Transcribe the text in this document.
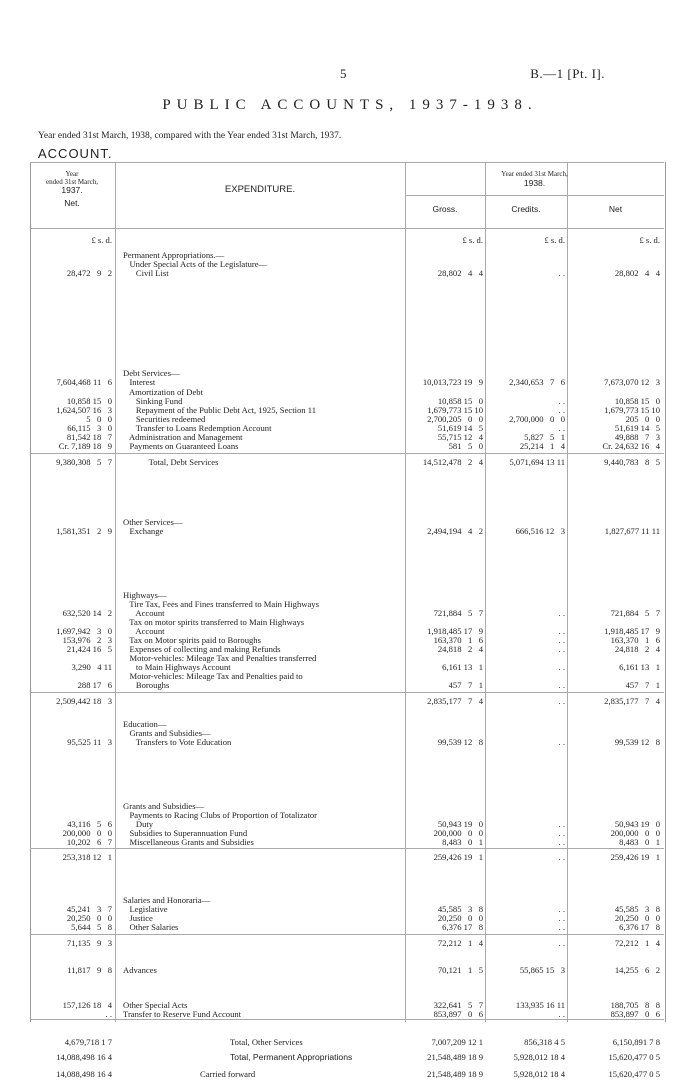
5	B.—1 [Pt. I].
PUBLIC ACCOUNTS, 1937-1938.
Year ended 31st March, 1938, compared with the Year ended 31st March, 1937.
ACCOUNT.
Year
ended 31st March,
1937.
Net.
EXPENDITURE.
Year ended 31st March,
1938.
Gross.	Credits.	Net
£ s. d.	£ s. d.	£ s. d.	£ s. d.
Permanent Appropriations.—
Under Special Acts of the Legislature—
28,472   9   2 Civil List	28,802   4   4	. .	28,802   4   4
Debt Services—
7,604,468 11   6 Interest	10,013,723 19   9	2,340,653   7   6	7,673,070 12   3
Amortization of Debt
10,858 15   0 Sinking Fund	10,858 15   0	. .	10,858 15   0
1,624,507 16   3 Repayment of the Public Debt Act, 1925, Section 11	1,679,773 15 10	. .	1,679,773 15 10
5   0   0 Securities redeemed	2,700,205   0   0	2,700,000   0   0	205   0   0
66,115   3   0 Transfer to Loans Redemption Account	51,619 14   5	. .	51,619 14   5
81,542 18   7 Administration and Management	55,715 12   4	5,827   5   1	49,888   7   3
Cr. 7,189 18   9 Payments on Guaranteed Loans	581   5   0	25,214   1   4	Cr. 24,632 16   4
9,380,308   5   7 Total, Debt Services	14,512,478   2   4	5,071,694 13 11	9,440,783   8   5
Other Services—
1,581,351   2   9 Exchange	2,494,194   4   2	666,516 12   3	1,827,677 11 11
Highways—
Tire Tax, Fees and Fines transferred to Main Highways
632,520 14   2 Account	721,884   5   7	. .	721,884   5   7
Tax on motor spirits transferred to Main Highways
1,697,942   3   0 Account	1,918,485 17   9	. .	1,918,485 17   9
153,976   2   3 Tax on Motor spirits paid to Boroughs	163,370   1   6	. .	163,370   1   6
21,424 16   5 Expenses of collecting and making Refunds	24,818   2   4	. .	24,818   2   4
Motor-vehicles: Mileage Tax and Penalties transferred
3,290   4 11 to Main Highways Account	6,161 13   1	. .	6,161 13   1
Motor-vehicles: Mileage Tax and Penalties paid to
288 17   6 Boroughs	457   7   1	. .	457   7   1
2,509,442 18   3	2,835,177   7   4	. .	2,835,177   7   4
Education—
Grants and Subsidies—
95,525 11   3 Transfers to Vote Education	99,539 12   8	. .	99,539 12   8
Grants and Subsidies—
Payments to Racing Clubs of Proportion of Totalizator
43,116   5   6 Duty	50,943 19   0	. .	50,943 19   0
200,000   0   0 Subsidies to Superannuation Fund	200,000   0   0	. .	200,000   0   0
10,202   6   7 Miscellaneous Grants and Subsidies	8,483   0   1	. .	8,483   0   1
253,318 12   1	259,426 19   1	. .	259,426 19   1
Salaries and Honoraria—
45,241   3   7 Legislative	45,585   3   8	. .	45,585   3   8
20,250   0   0 Justice	20,250   0   0	. .	20,250   0   0
5,644   5   8 Other Salaries	6,376 17   8	. .	6,376 17   8
71,135   9   3	72,212   1   4	. .	72,212   1   4
11,817   9   8 Advances	70,121   1   5	55,865 15   3	14,255   6   2
157,126 18   4 Other Special Acts	322,641   5   7	133,935 16 11	188,705   8   8
. . Transfer to Reserve Fund Account	853,897   0   6	. .	853,897   0   6
4,679,718 1 7	Total, Other Services	7,007,209 12 1	856,318 4 5	6,150,891 7 8
14,088,498 16 4	Total, Permanent Appropriations	21,548,489 18 9	5,928,012 18 4	15,620,477 0 5
14,088,498 16 4	Carried forward	21,548,489 18 9	5,928,012 18 4	15,620,477 0 5
